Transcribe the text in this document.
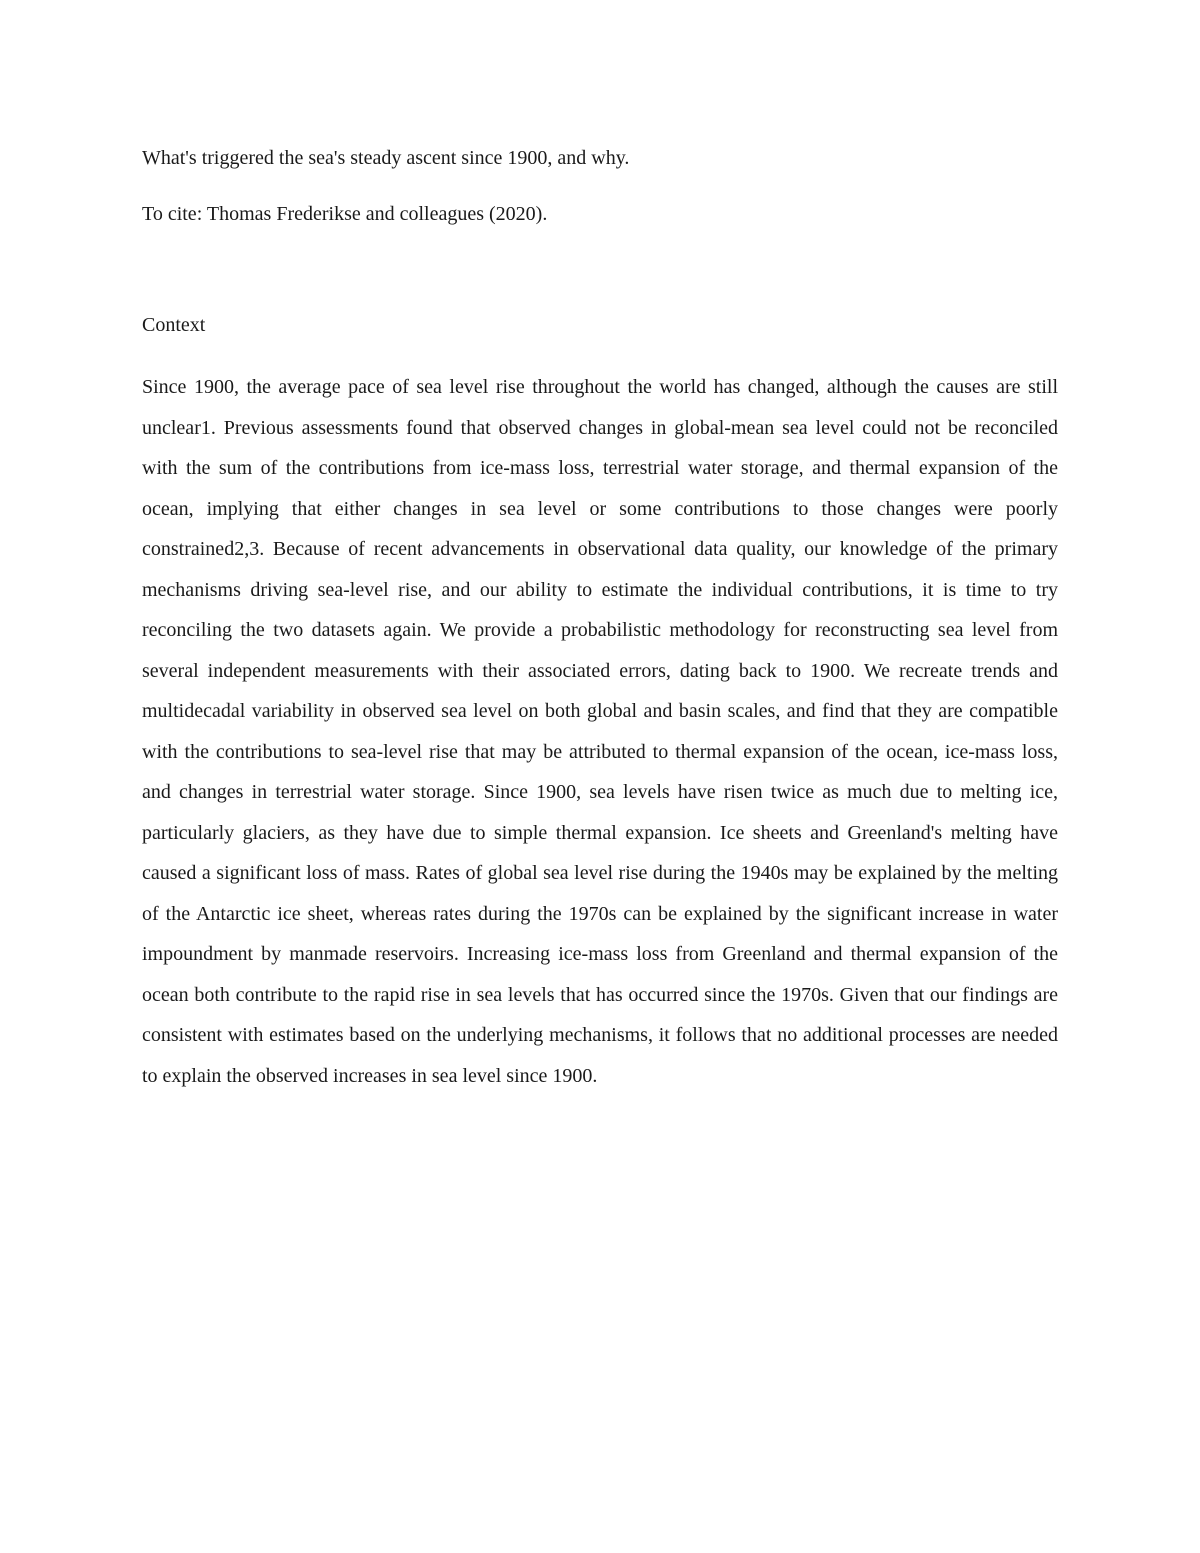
What's triggered the sea's steady ascent since 1900, and why.

To cite: Thomas Frederikse and colleagues (2020).

Context

Since 1900, the average pace of sea level rise throughout the world has changed, although the causes are still unclear1. Previous assessments found that observed changes in global-mean sea level could not be reconciled with the sum of the contributions from ice-mass loss, terrestrial water storage, and thermal expansion of the ocean, implying that either changes in sea level or some contributions to those changes were poorly constrained2,3. Because of recent advancements in observational data quality, our knowledge of the primary mechanisms driving sea-level rise, and our ability to estimate the individual contributions, it is time to try reconciling the two datasets again. We provide a probabilistic methodology for reconstructing sea level from several independent measurements with their associated errors, dating back to 1900. We recreate trends and multidecadal variability in observed sea level on both global and basin scales, and find that they are compatible with the contributions to sea-level rise that may be attributed to thermal expansion of the ocean, ice-mass loss, and changes in terrestrial water storage. Since 1900, sea levels have risen twice as much due to melting ice, particularly glaciers, as they have due to simple thermal expansion. Ice sheets and Greenland's melting have caused a significant loss of mass. Rates of global sea level rise during the 1940s may be explained by the melting of the Antarctic ice sheet, whereas rates during the 1970s can be explained by the significant increase in water impoundment by manmade reservoirs. Increasing ice-mass loss from Greenland and thermal expansion of the ocean both contribute to the rapid rise in sea levels that has occurred since the 1970s. Given that our findings are consistent with estimates based on the underlying mechanisms, it follows that no additional processes are needed to explain the observed increases in sea level since 1900.
